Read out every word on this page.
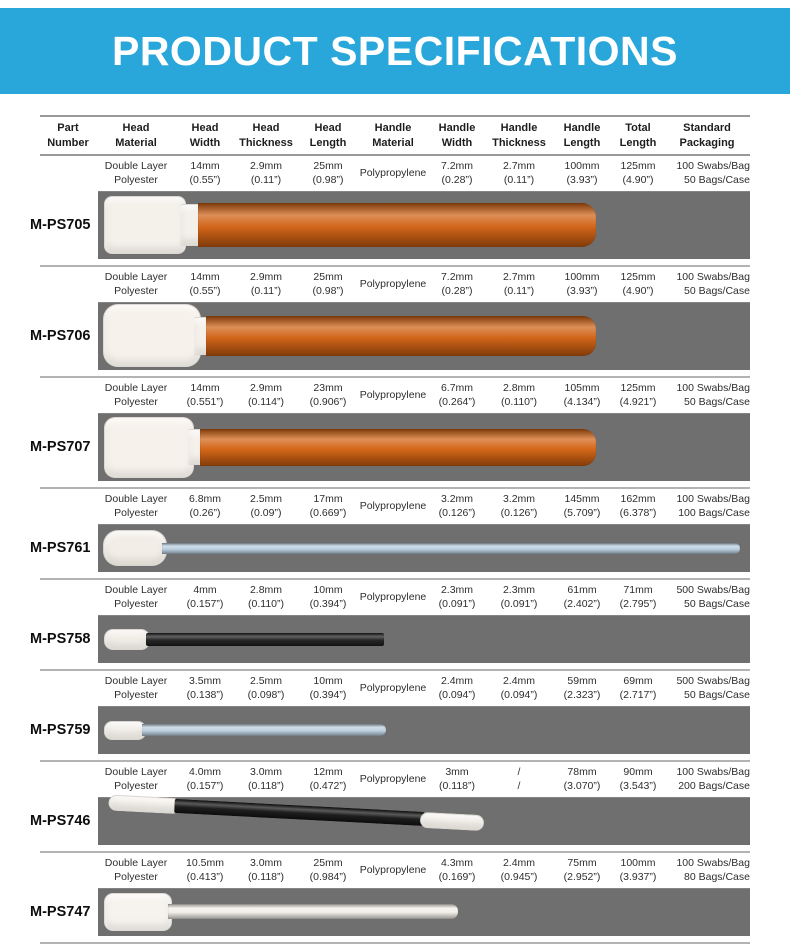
PRODUCT SPECIFICATIONS
Part
Number
Head
Material
Head
Width
Head
Thickness
Head
Length
Handle
Material
Handle
Width
Handle
Thickness
Handle
Length
Total
Length
Standard
Packaging
Double Layer
Polyester
14mm
(0.55”)
2.9mm
(0.11”)
25mm
(0.98”)
Polypropylene
7.2mm
(0.28”)
2.7mm
(0.11”)
100mm
(3.93”)
125mm
(4.90”)
100 Swabs/Bag
50 Bags/Case
M-PS705
Double Layer
Polyester
14mm
(0.55”)
2.9mm
(0.11”)
25mm
(0.98”)
Polypropylene
7.2mm
(0.28”)
2.7mm
(0.11”)
100mm
(3.93”)
125mm
(4.90”)
100 Swabs/Bag
50 Bags/Case
M-PS706
Double Layer
Polyester
14mm
(0.551”)
2.9mm
(0.114”)
23mm
(0.906”)
Polypropylene
6.7mm
(0.264”)
2.8mm
(0.110”)
105mm
(4.134”)
125mm
(4.921”)
100 Swabs/Bag
50 Bags/Case
M-PS707
Double Layer
Polyester
6.8mm
(0.26”)
2.5mm
(0.09”)
17mm
(0.669”)
Polypropylene
3.2mm
(0.126”)
3.2mm
(0.126”)
145mm
(5.709”)
162mm
(6.378”)
100 Swabs/Bag
100 Bags/Case
M-PS761
Double Layer
Polyester
4mm
(0.157”)
2.8mm
(0.110”)
10mm
(0.394”)
Polypropylene
2.3mm
(0.091”)
2.3mm
(0.091”)
61mm
(2.402”)
71mm
(2.795”)
500 Swabs/Bag
50 Bags/Case
M-PS758
Double Layer
Polyester
3.5mm
(0.138”)
2.5mm
(0.098”)
10mm
(0.394”)
Polypropylene
2.4mm
(0.094”)
2.4mm
(0.094”)
59mm
(2.323”)
69mm
(2.717”)
500 Swabs/Bag
50 Bags/Case
M-PS759
Double Layer
Polyester
4.0mm
(0.157”)
3.0mm
(0.118”)
12mm
(0.472”)
Polypropylene
3mm
(0.118”)
/
/
78mm
(3.070”)
90mm
(3.543”)
100 Swabs/Bag
200 Bags/Case
M-PS746
Double Layer
Polyester
10.5mm
(0.413”)
3.0mm
(0.118”)
25mm
(0.984”)
Polypropylene
4.3mm
(0.169”)
2.4mm
(0.945”)
75mm
(2.952”)
100mm
(3.937”)
100 Swabs/Bag
80 Bags/Case
M-PS747
